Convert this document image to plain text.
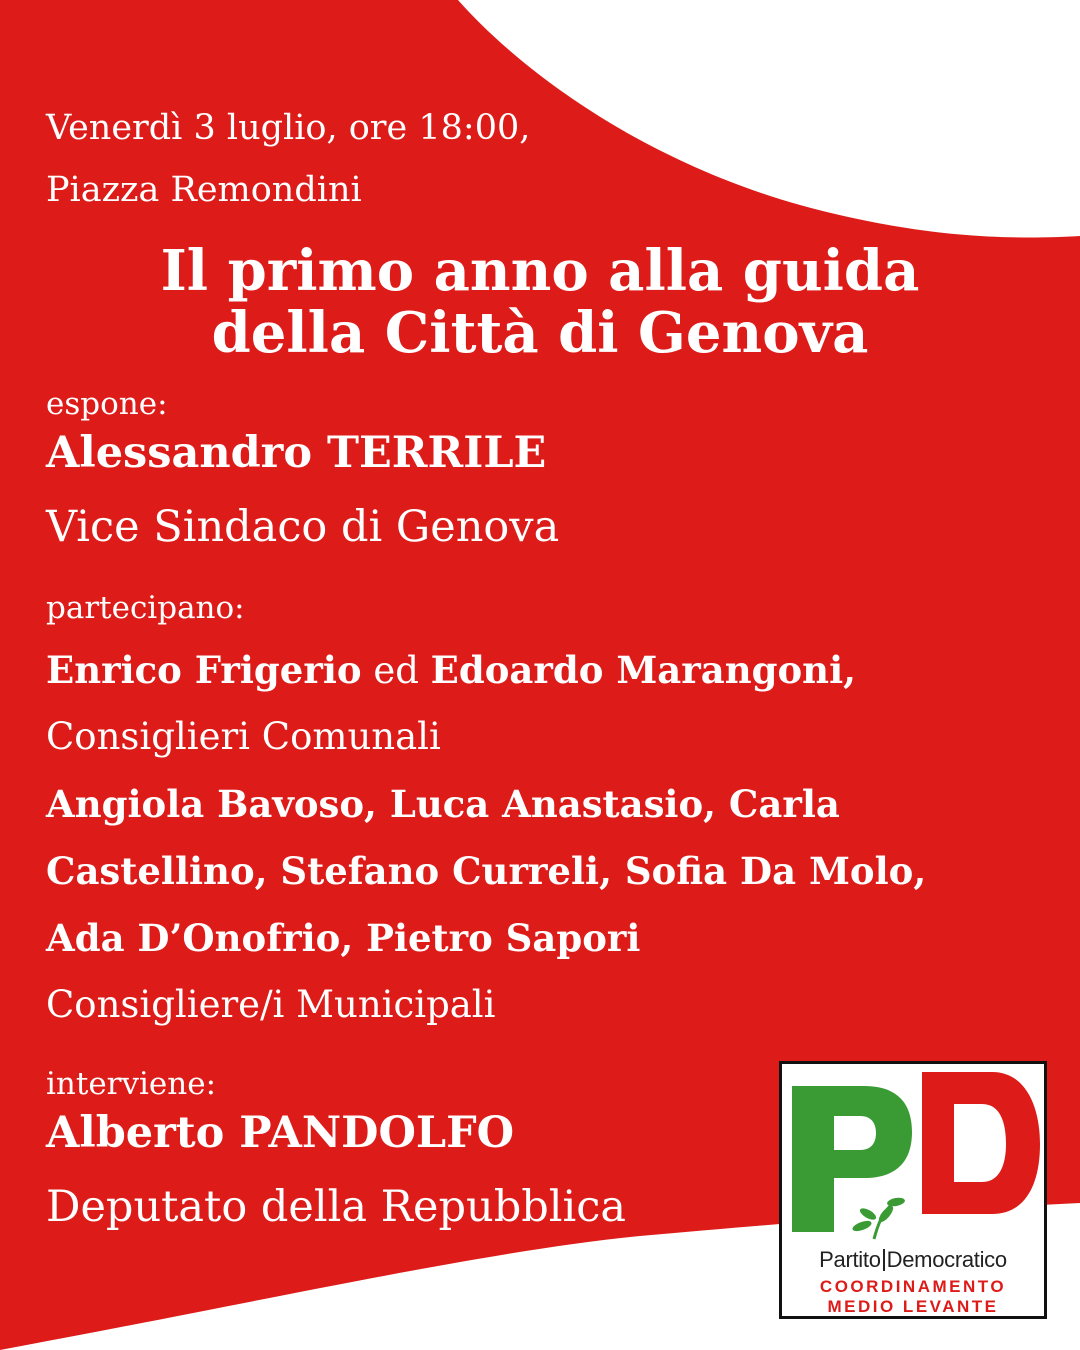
Venerdì 3 luglio, ore 18:00,
Piazza Remondini
Il primo anno alla guida
della Città di Genova
espone:
Alessandro TERRILE
Vice Sindaco di Genova
partecipano:
Enrico Frigerio ed Edoardo Marangoni,
Consiglieri Comunali
Angiola Bavoso, Luca Anastasio, Carla
Castellino, Stefano Curreli, Sofia Da Molo,
Ada D’Onofrio, Pietro Sapori
Consigliere/i Municipali
interviene:
Alberto PANDOLFO
Deputato della Repubblica
Partito Democratico
COORDINAMENTO
MEDIO LEVANTE
